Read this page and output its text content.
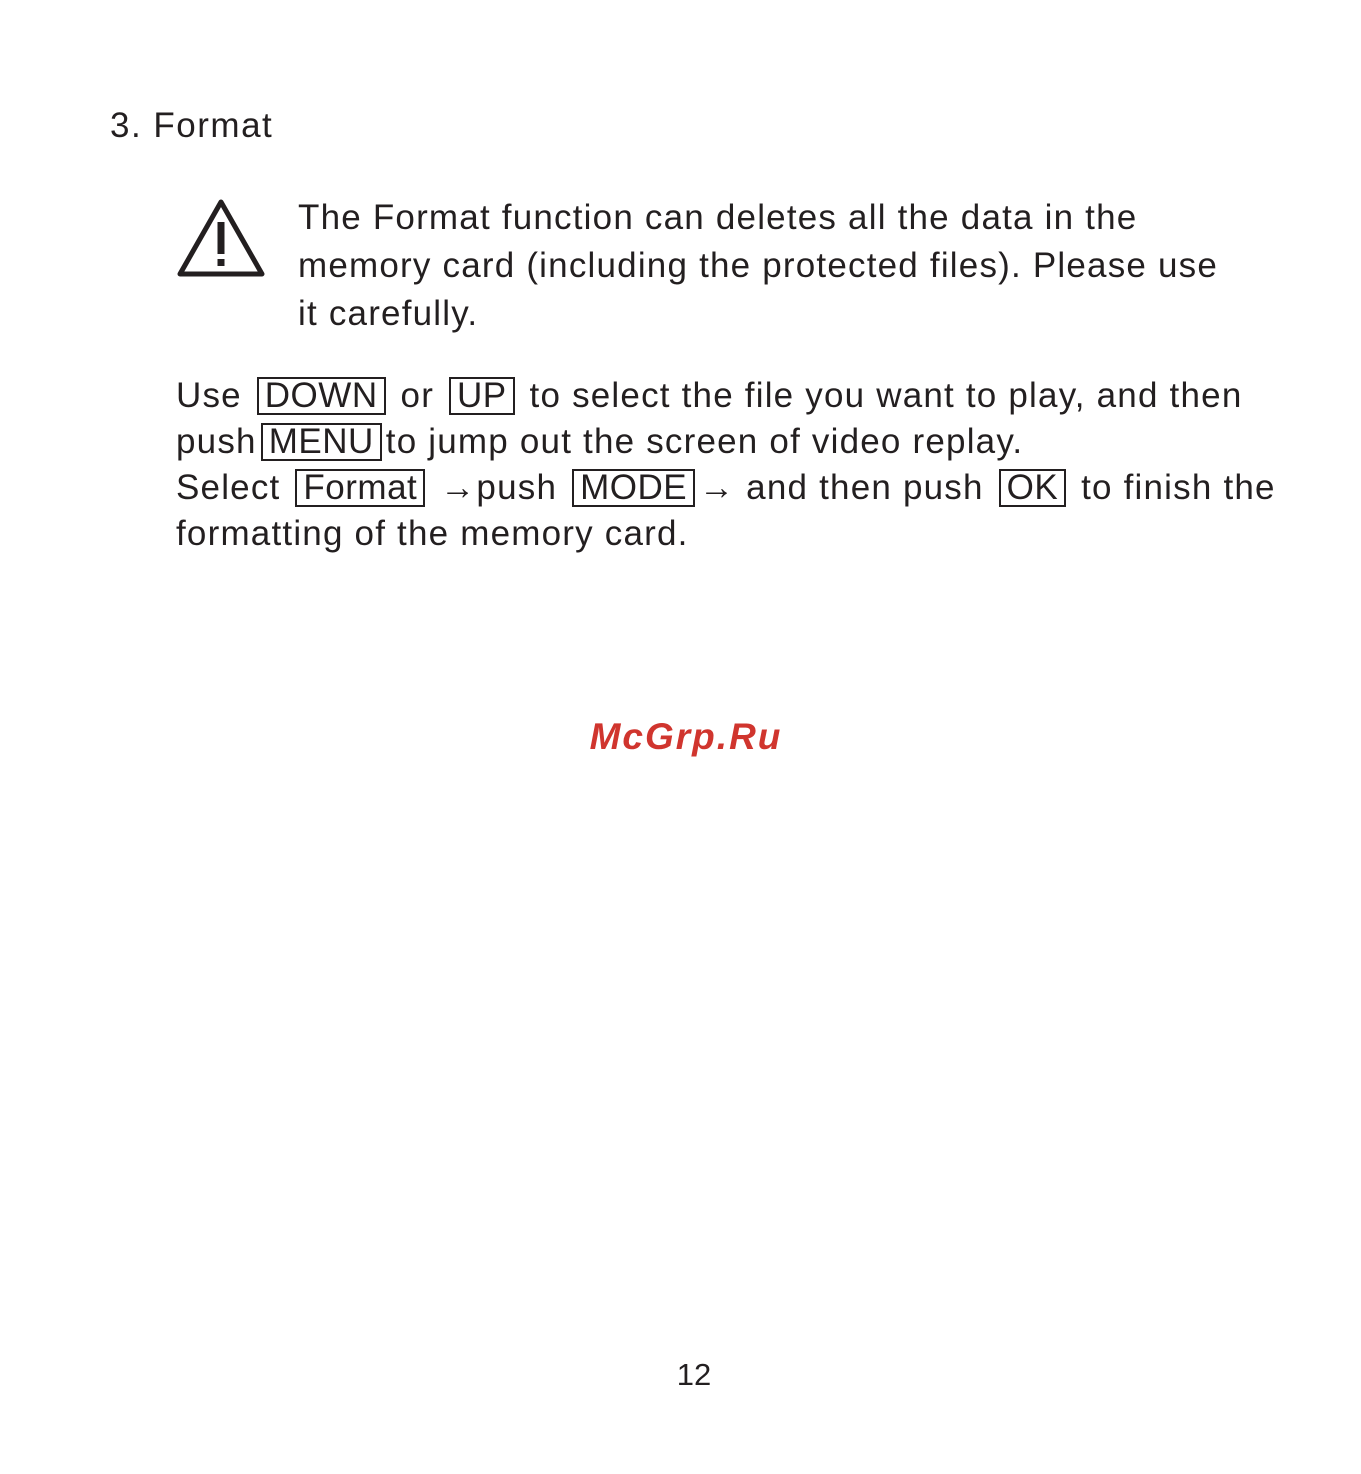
3. Format
The Format function can deletes all the data in the
memory card (including the protected files). Please use
it carefully.
Use DOWN or UP to select the file you want to play, and then
push MENU to jump out the screen of video replay.
Select Format →push MODE → and then push OK to finish the
formatting of the memory card.
McGrp.Ru
12
